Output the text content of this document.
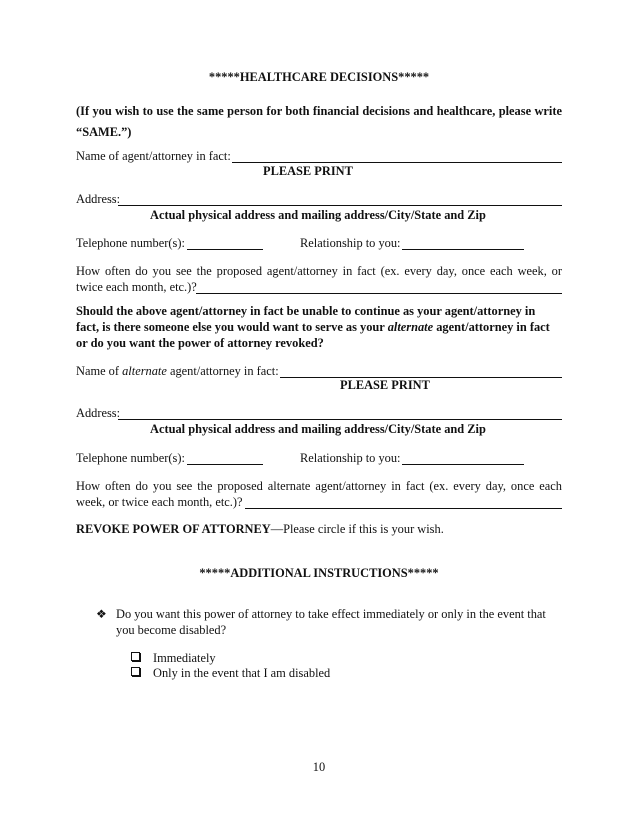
*****HEALTHCARE DECISIONS*****
(If you wish to use the same person for both financial decisions and healthcare, please write
“SAME.”)
Name of agent/attorney in fact:
PLEASE PRINT
Address:
Actual physical address and mailing address/City/State and Zip
Telephone number(s):	Relationship to you:
How often do you see the proposed agent/attorney in fact (ex. every day, once each week, or
twice each month, etc.)?
Should the above agent/attorney in fact be unable to continue as your agent/attorney in
fact, is there someone else you would want to serve as your alternate agent/attorney in fact
or do you want the power of attorney revoked?
Name of alternate agent/attorney in fact:
PLEASE PRINT
Address:
Actual physical address and mailing address/City/State and Zip
Telephone number(s):	Relationship to you:
How often do you see the proposed alternate agent/attorney in fact (ex. every day, once each
week, or twice each month, etc.)?
REVOKE POWER OF ATTORNEY—Please circle if this is your wish.
*****ADDITIONAL INSTRUCTIONS*****
❖ Do you want this power of attorney to take effect immediately or only in the event that
you become disabled?
Immediately
Only in the event that I am disabled
10
